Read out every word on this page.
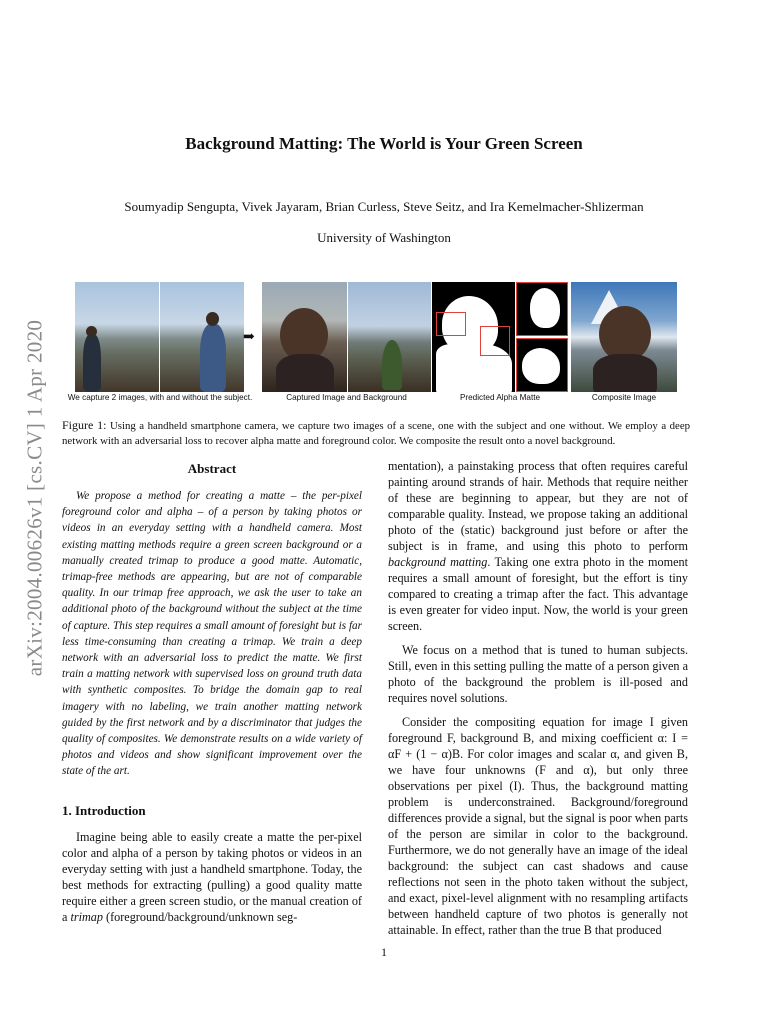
Background Matting: The World is Your Green Screen
Soumyadip Sengupta, Vivek Jayaram, Brian Curless, Steve Seitz, and Ira Kemelmacher-Shlizerman
University of Washington
arXiv:2004.00626v1 [cs.CV] 1 Apr 2020	➡
We capture 2 images, with and without the subject.	Captured Image and Background	Predicted Alpha Matte	Composite Image
Figure 1: Using a handheld smartphone camera, we capture two images of a scene, one with the subject and one without. We employ a deep network with an adversarial loss to recover alpha matte and foreground color. We composite the result onto a novel background.
Abstract

We propose a method for creating a matte – the per-pixel foreground color and alpha – of a person by taking photos or videos in an everyday setting with a handheld camera. Most existing matting methods require a green screen background or a manually created trimap to produce a good matte. Automatic, trimap-free methods are appearing, but are not of comparable quality. In our trimap free approach, we ask the user to take an additional photo of the background without the subject at the time of capture. This step requires a small amount of foresight but is far less time-consuming than creating a trimap. We train a deep network with an adversarial loss to predict the matte. We first train a matting network with supervised loss on ground truth data with synthetic composites. To bridge the domain gap to real imagery with no labeling, we train another matting network guided by the first network and by a discriminator that judges the quality of composites. We demonstrate results on a wide variety of photos and videos and show significant improvement over the state of the art.

1. Introduction

Imagine being able to easily create a matte the per-pixel color and alpha of a person by taking photos or videos in an everyday setting with just a handheld smartphone. Today, the best methods for extracting (pulling) a good quality matte require either a green screen studio, or the manual creation of a trimap (foreground/background/unknown seg-

mentation), a painstaking process that often requires careful painting around strands of hair. Methods that require neither of these are beginning to appear, but they are not of comparable quality. Instead, we propose taking an additional photo of the (static) background just before or after the subject is in frame, and using this photo to perform background matting. Taking one extra photo in the moment requires a small amount of foresight, but the effort is tiny compared to creating a trimap after the fact. This advantage is even greater for video input. Now, the world is your green screen.

We focus on a method that is tuned to human subjects. Still, even in this setting pulling the matte of a person given a photo of the background the problem is ill-posed and requires novel solutions.

Consider the compositing equation for image I given foreground F, background B, and mixing coefficient α: I = αF + (1 − α)B. For color images and scalar α, and given B, we have four unknowns (F and α), but only three observations per pixel (I). Thus, the background matting problem is underconstrained. Background/foreground differences provide a signal, but the signal is poor when parts of the person are similar in color to the background. Furthermore, we do not generally have an image of the ideal background: the subject can cast shadows and cause reflections not seen in the photo taken without the subject, and exact, pixel-level alignment with no resampling artifacts between handheld capture of two photos is generally not attainable. In effect, rather than the true B that produced

1
